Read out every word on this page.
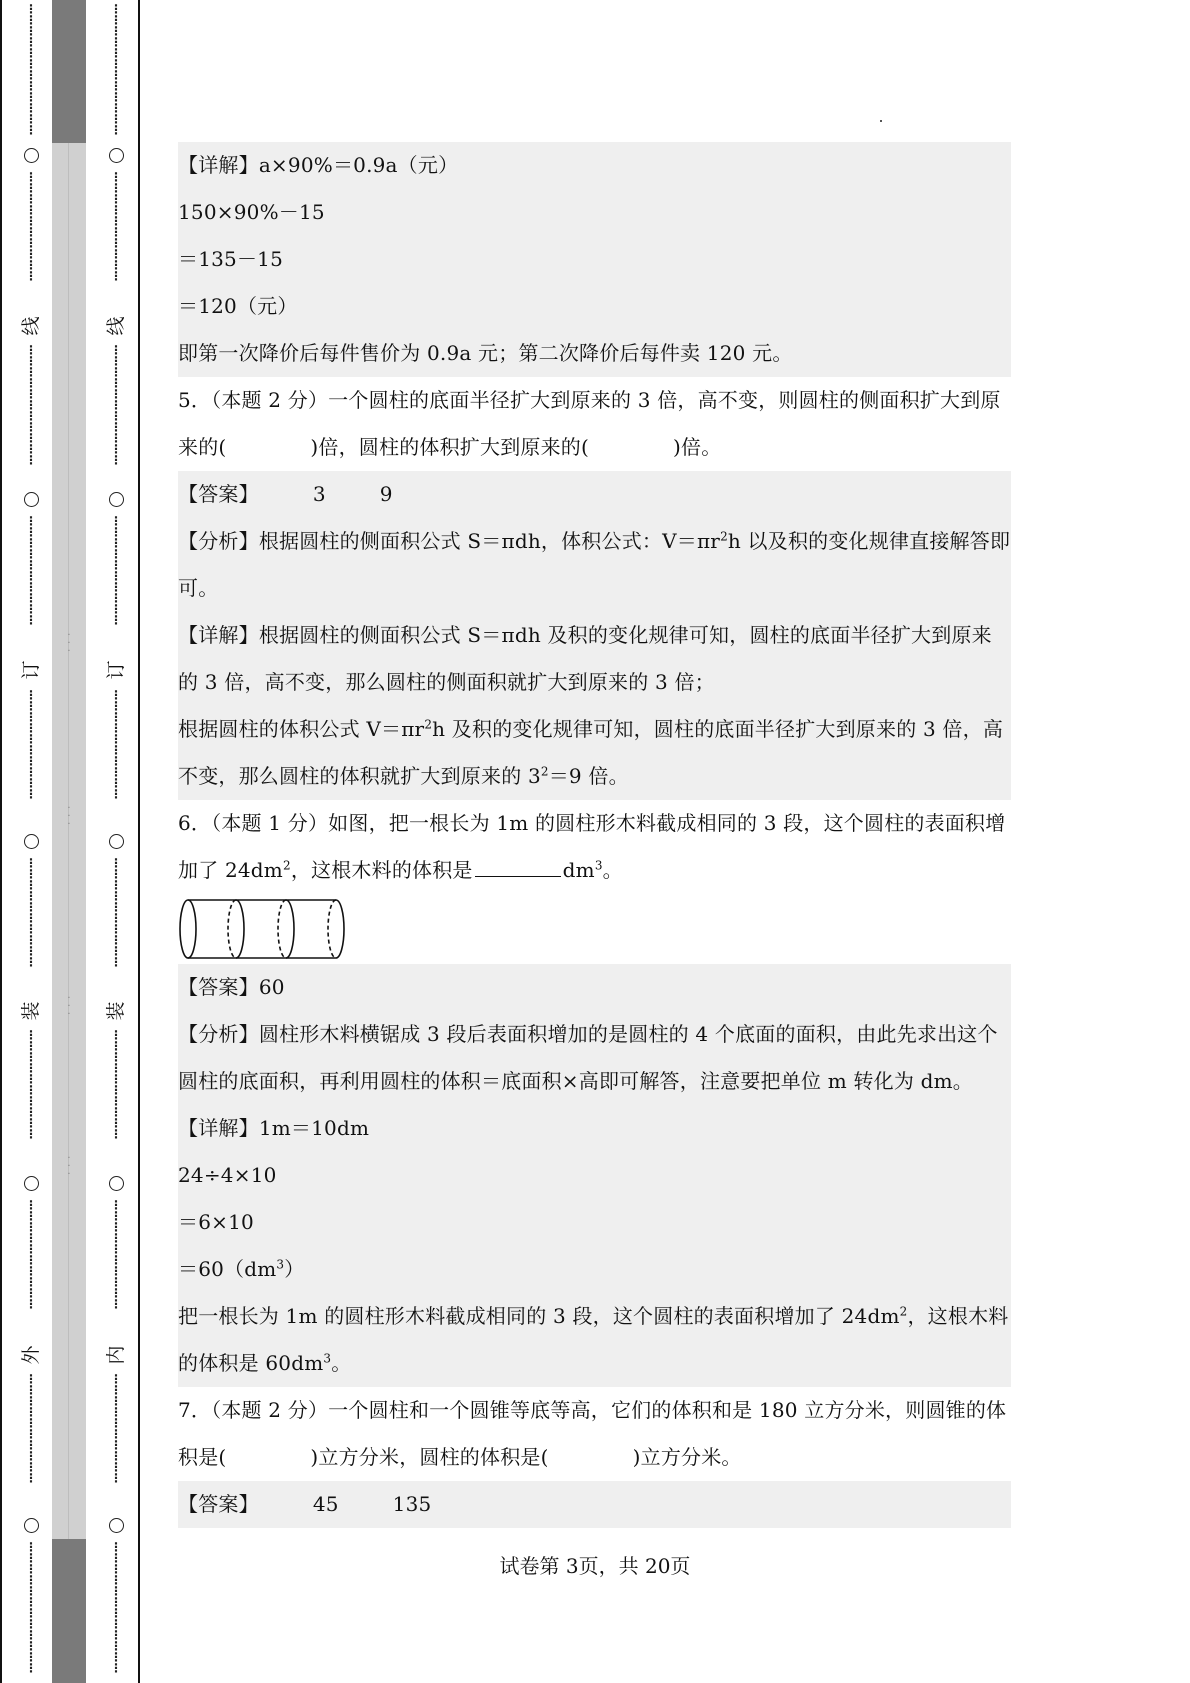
·
·
·
·
·
·
·
·
·
·
·
·
⋮
⋮
⋮
⋮
⋮
⋮
⋮
⋮
⋮
⋮
⋮
⋮
⋮
⋮
⋮
⋮
⋮
⋮
⋮
⋮
⋮
⋮
线
⋮
⋮
⋮
⋮
⋮
⋮
⋮
⋮
⋮
⋮
⋮
⋮
⋮
⋮
⋮
⋮
⋮
⋮
⋮
⋮
⋮
订
⋮
⋮
⋮
⋮
⋮
⋮
⋮
⋮
⋮
⋮
⋮
⋮
⋮
⋮
⋮
⋮
⋮
⋮
⋮
⋮
装
⋮
⋮
⋮
⋮
⋮
⋮
⋮
⋮
⋮
⋮
⋮
⋮
⋮
⋮
⋮
⋮
⋮
⋮
⋮
⋮
外
⋮
⋮
⋮
⋮
⋮
⋮
⋮
⋮
⋮
⋮
⋮
⋮
⋮
⋮
⋮
⋮
⋮
⋮
⋮
⋮
⋮
⋮
⋮
⋮
⋮
⋮
⋮
⋮
⋮
⋮
⋮
⋮
⋮
⋮
⋮
⋮
⋮
⋮
⋮
⋮
⋮
⋮
⋮
⋮
线
⋮
⋮
⋮
⋮
⋮
⋮
⋮
⋮
⋮
⋮
⋮
⋮
⋮
⋮
⋮
⋮
⋮
⋮
⋮
⋮
⋮
订
⋮
⋮
⋮
⋮
⋮
⋮
⋮
⋮
⋮
⋮
⋮
⋮
⋮
⋮
⋮
⋮
⋮
⋮
⋮
⋮
装
⋮
⋮
⋮
⋮
⋮
⋮
⋮
⋮
⋮
⋮
⋮
⋮
⋮
⋮
⋮
⋮
⋮
⋮
⋮
⋮
内
⋮
⋮
⋮
⋮
⋮
⋮
⋮
⋮
⋮
⋮
⋮
⋮
⋮
⋮
⋮
⋮
⋮
⋮
⋮
⋮
⋮
⋮
【详解】a×90%＝0.9a（元）
150×90%－15
＝135－15
＝120（元）
即第一次降价后每件售价为 0.9a 元；第二次降价后每件卖 120 元。
5．（本题 2 分）一个圆柱的底面半径扩大到原来的 3 倍，高不变，则圆柱的侧面积扩大到原
来的(	)倍，圆柱的体积扩大到原来的(	)倍。
【答案】	3	9
【分析】根据圆柱的侧面积公式 S＝πdh，体积公式：$V=\pi r^2h$ 以及积的变化规律直接解答即
可。
【详解】根据圆柱的侧面积公式 S＝πdh 及积的变化规律可知，圆柱的底面半径扩大到原来
的 3 倍，高不变，那么圆柱的侧面积就扩大到原来的 3 倍；
根据圆柱的体积公式 $V=\pi r^2h$ 及积的变化规律可知，圆柱的底面半径扩大到原来的 3 倍，高
不变，那么圆柱的体积就扩大到原来的 $3^2=9$ 倍。
6．（本题 1 分）如图，把一根长为 1m 的圆柱形木料截成相同的 3 段，这个圆柱的表面积增
加了 $24dm^2$，这根木料的体积是	$dm^3$。
【答案】60
【分析】圆柱形木料横锯成 3 段后表面积增加的是圆柱的 4 个底面的面积，由此先求出这个
圆柱的底面积，再利用圆柱的体积＝底面积×高即可解答，注意要把单位 m 转化为 dm。
【详解】1m＝10dm
24÷4×10
＝6×10
$=60(dm^3)$
把一根长为 1m 的圆柱形木料截成相同的 3 段，这个圆柱的表面积增加了 $24dm^2$，这根木料
的体积是 $60dm^3$。
7．（本题 2 分）一个圆柱和一个圆锥等底等高，它们的体积和是 180 立方分米，则圆锥的体
积是(	)立方分米，圆柱的体积是(	)立方分米。
【答案】	45	135
试卷第 3页，共 20页
